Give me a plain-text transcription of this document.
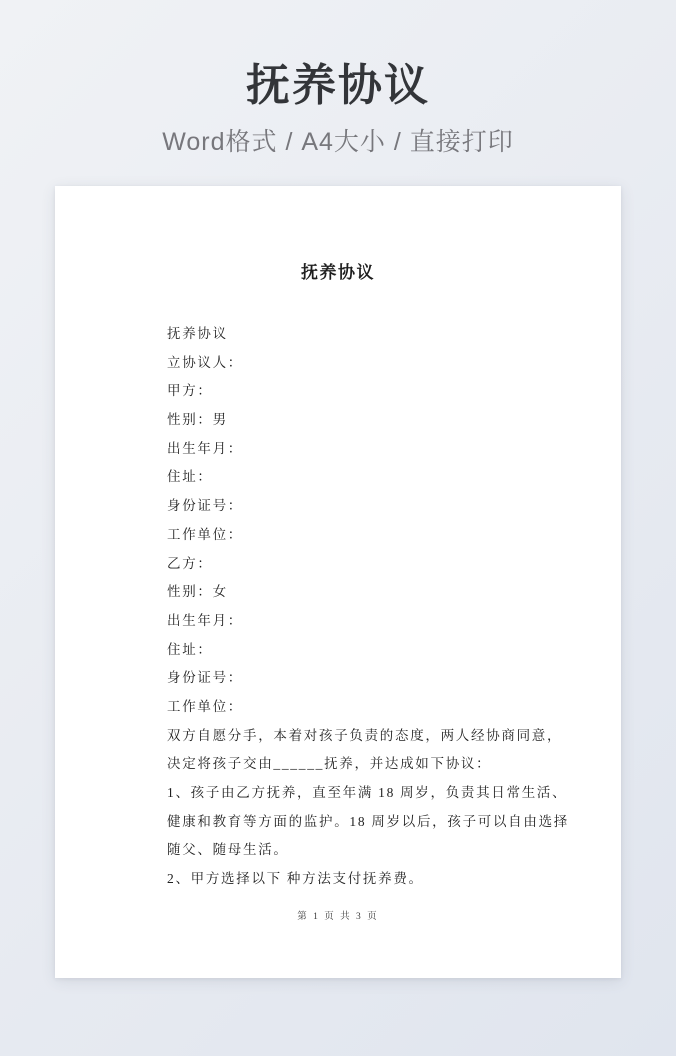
抚养协议

Word格式 / A4大小 / 直接打印

抚养协议
抚养协议
立协议人：
甲方：
性别：男
出生年月：
住址：
身份证号：
工作单位：
乙方：
性别：女
出生年月：
住址：
身份证号：
工作单位：
双方自愿分手，本着对孩子负责的态度，两人经协商同意，
决定将孩子交由______抚养，并达成如下协议：
1、孩子由乙方抚养，直至年满 18 周岁，负责其日常生活、
健康和教育等方面的监护。18 周岁以后，孩子可以自由选择
随父、随母生活。
2、甲方选择以下 种方法支付抚养费。
第 1 页 共 3 页
